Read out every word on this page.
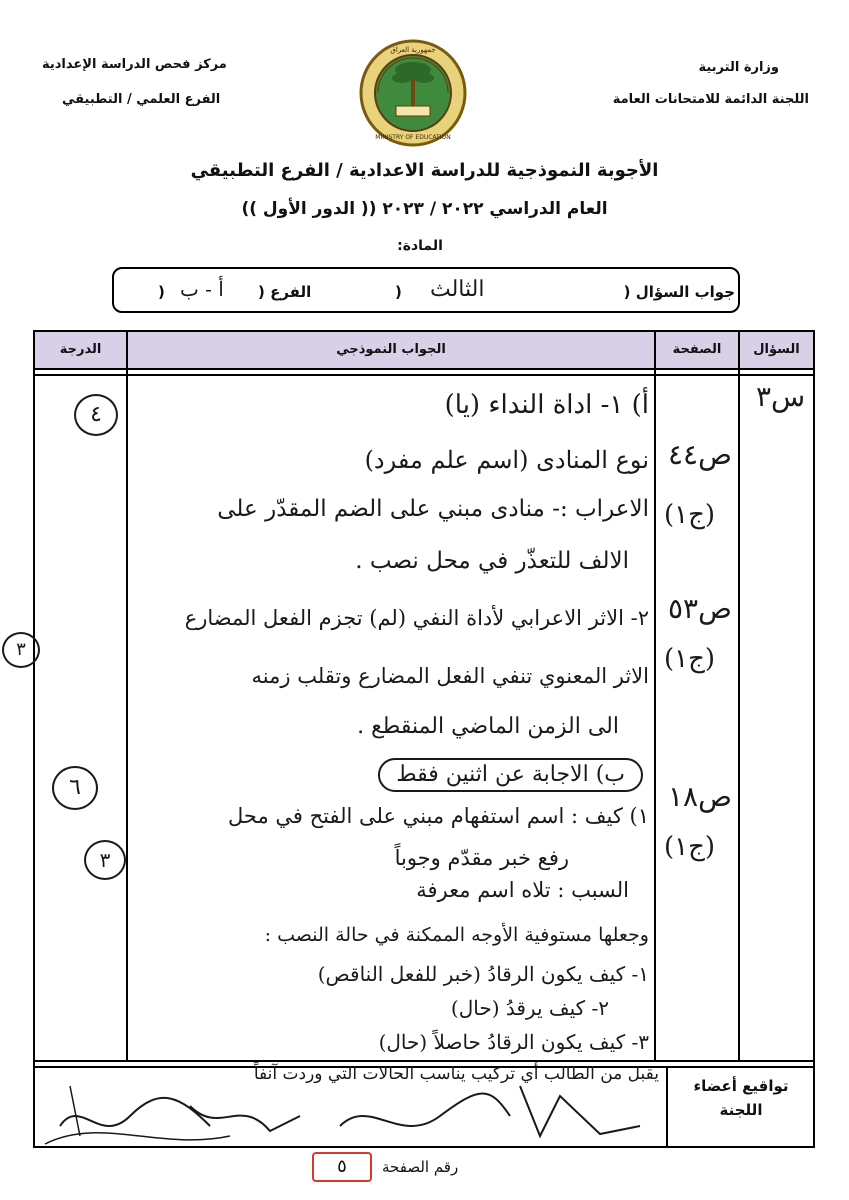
وزارة التربية
اللجنة الدائمة للامتحانات العامة
مركز فحص الدراسة الإعدادية
الفرع العلمي / التطبيقي
جمهورية العراق
MINISTRY OF EDUCATION
الأجوبة النموذجية للدراسة الاعدادية / الفرع التطبيقي
العام الدراسي ٢٠٢٢ / ٢٠٢٣ (( الدور الأول ))
المادة:
جواب السؤال (
الثالث
)
الفرع (
أ - ب
)
السؤال
الصفحة
الجواب النموذجي
الدرجة
تواقيع أعضاء اللجنة
س٣
ص٤٤
(ج١)
ص٥٣
(ج١)
ص١٨
(ج١)
أ) ١- اداة النداء (يا)
نوع المنادى (اسم علم مفرد)
الاعراب :- منادى مبني على الضم المقدّر على
الالف للتعذّر في محل نصب .
٢- الاثر الاعرابي لأداة النفي (لم) تجزم الفعل المضارع
الاثر المعنوي تنفي الفعل المضارع وتقلب زمنه
الى الزمن الماضي المنقطع .
ب) الاجابة عن اثنين فقط
١) كيف : اسم استفهام مبني على الفتح في محل
رفع خبر مقدّم وجوباً
السبب : تلاه اسم معرفة
وجعلها مستوفية الأوجه الممكنة في حالة النصب :
١- كيف يكون الرقادُ (خبر للفعل الناقص)
٢- كيف يرقدُ (حال)
٣- كيف يكون الرقادُ حاصلاً (حال)
٤
٣
٦
٣
يقبل من الطالب أي تركيب يناسب الحالات التي وردت آنفاً
رقم الصفحة
٥
